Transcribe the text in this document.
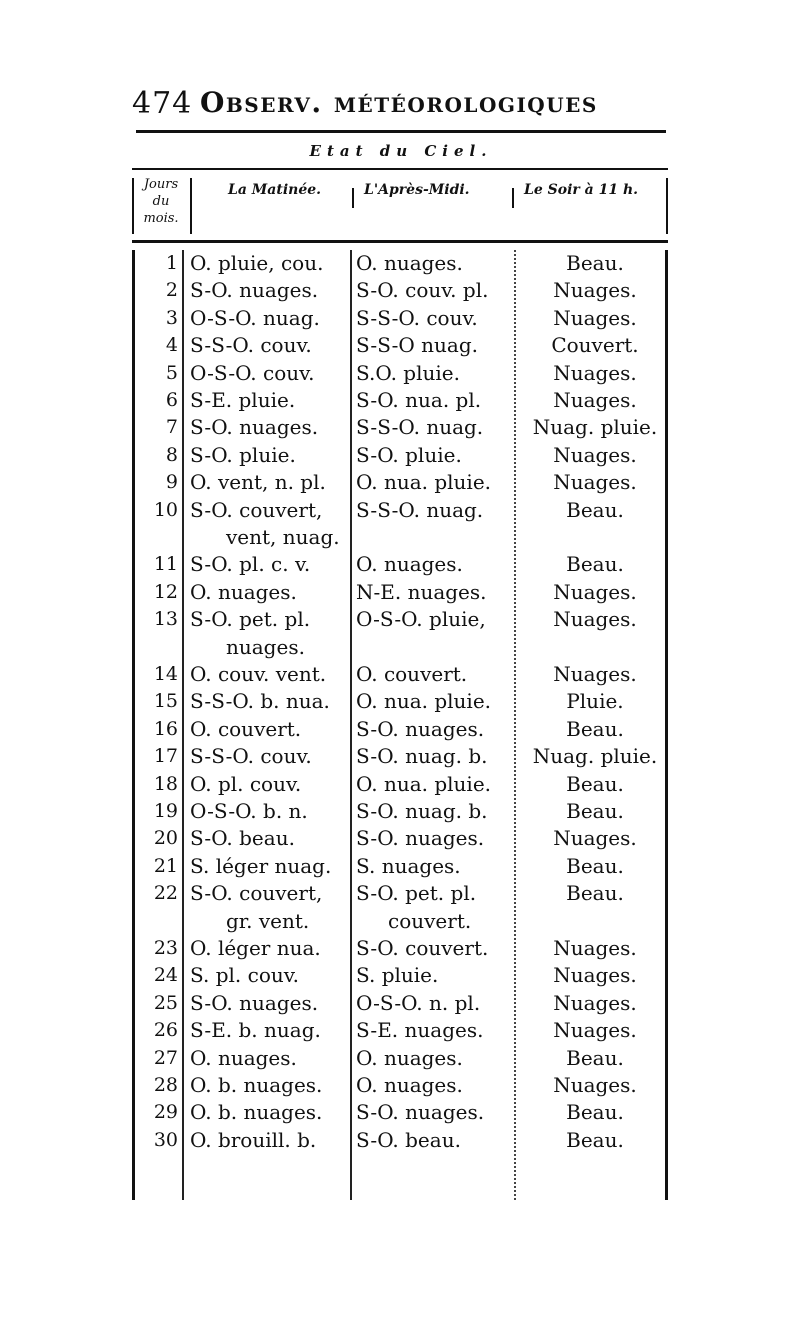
474 Observ. météorologiques
Etat du Ciel.
Jours du mois.
La Matinée.	L'Après-Midi.	Le Soir à 11 h.
1 O. pluie, cou.	O. nuages.	Beau.
2 S-O. nuages.	S-O. couv. pl.	Nuages.
3 O-S-O. nuag.	S-S-O. couv.	Nuages.
4 S-S-O. couv.	S-S-O nuag.	Couvert.
5 O-S-O. couv.	S.O. pluie.	Nuages.
6 S-E. pluie.	S-O. nua. pl.	Nuages.
7 S-O. nuages.	S-S-O. nuag.	Nuag. pluie.
8 S-O. pluie.	S-O. pluie.	Nuages.
9 O. vent, n. pl.	O. nua. pluie.	Nuages.
10 S-O. couvert,	S-S-O. nuag.	Beau.
vent, nuag.
11 S-O. pl. c. v.	O. nuages.	Beau.
12 O. nuages.	N-E. nuages.	Nuages.
13 S-O. pet. pl.	O-S-O. pluie,	Nuages.
nuages.
14 O. couv. vent.	O. couvert.	Nuages.
15 S-S-O. b. nua.	O. nua. pluie.	Pluie.
16 O. couvert.	S-O. nuages.	Beau.
17 S-S-O. couv.	S-O. nuag. b.	Nuag. pluie.
18 O. pl. couv.	O. nua. pluie.	Beau.
19 O-S-O. b. n.	S-O. nuag. b.	Beau.
20 S-O. beau.	S-O. nuages.	Nuages.
21 S. léger nuag.	S. nuages.	Beau.
22 S-O. couvert,	S-O. pet. pl.	Beau.
gr. vent.	couvert.
23 O. léger nua.	S-O. couvert.	Nuages.
24 S. pl. couv.	S. pluie.	Nuages.
25 S-O. nuages.	O-S-O. n. pl.	Nuages.
26 S-E. b. nuag.	S-E. nuages.	Nuages.
27 O. nuages.	O. nuages.	Beau.
28 O. b. nuages.	O. nuages.	Nuages.
29 O. b. nuages.	S-O. nuages.	Beau.
30 O. brouill. b.	S-O. beau.	Beau.
